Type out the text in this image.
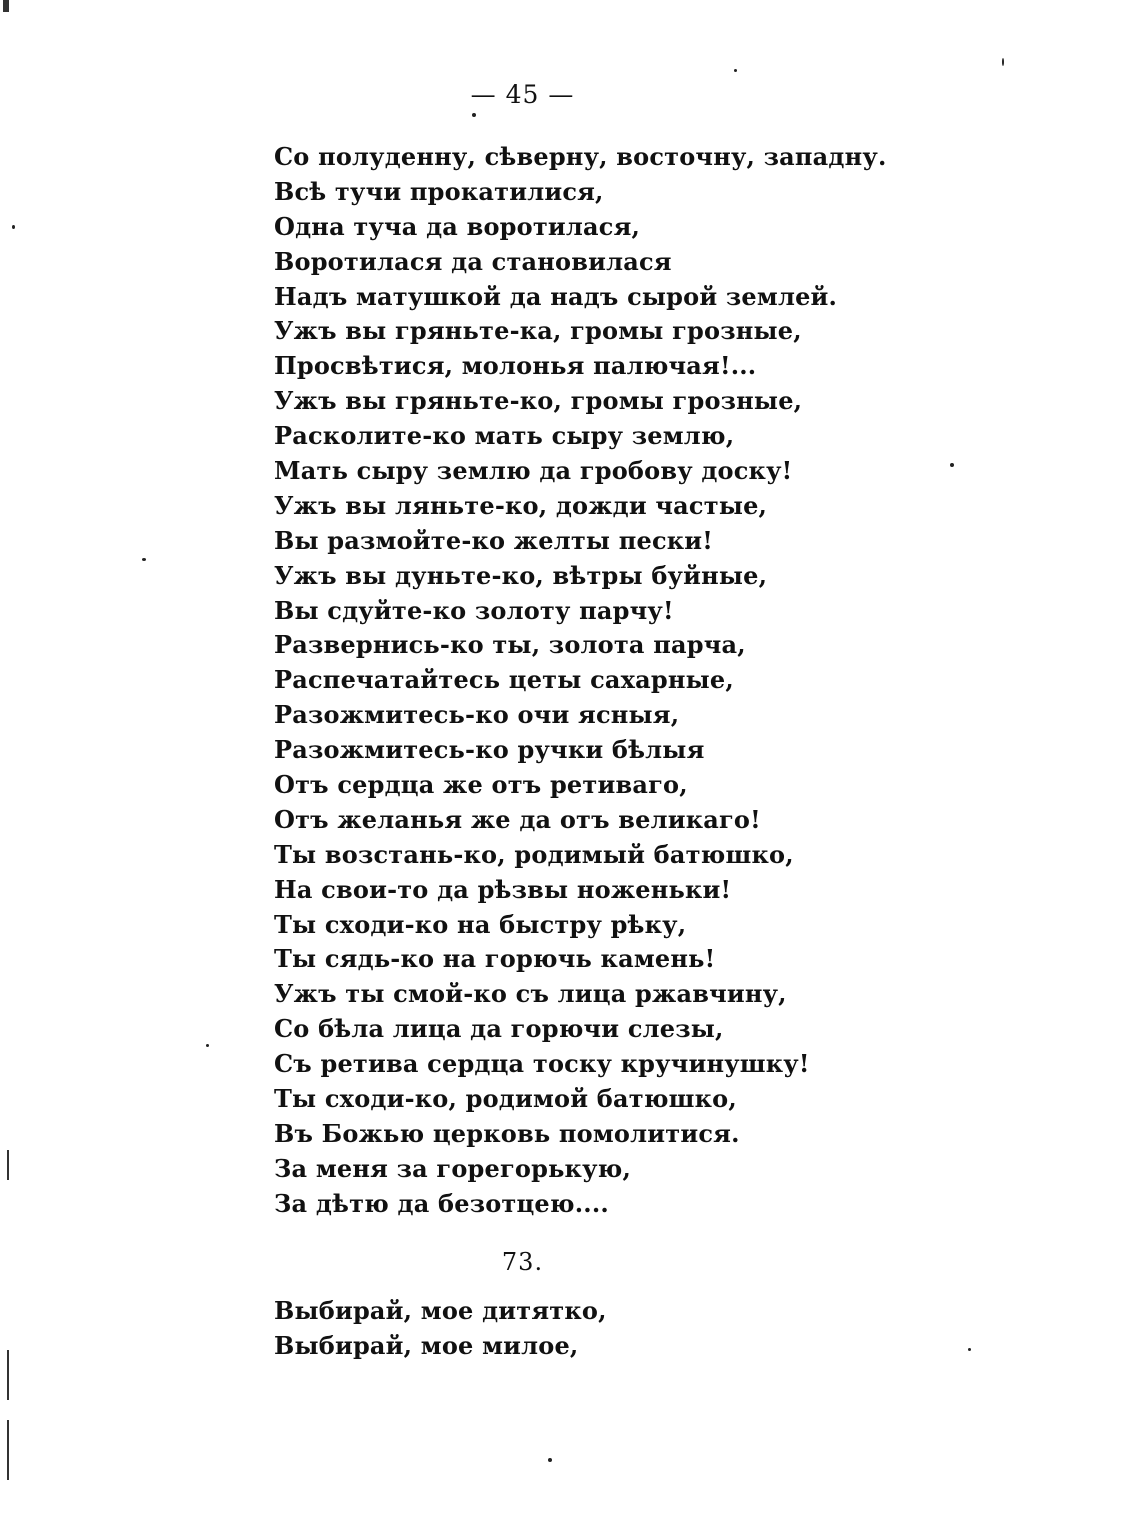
— 45 —
Со полуденну, сѣверну, восточну, западну.
Всѣ тучи прокатилися,
Одна туча да воротилася,
Воротилася да становилася
Надъ матушкой да надъ сырой землей.
Ужъ вы гряньте-ка, громы грозные,
Просвѣтися, молонья палючая!...
Ужъ вы гряньте-ко, громы грозные,
Расколите-ко мать сыру землю,
Мать сыру землю да гробову доску!
Ужъ вы ляньте-ко, дожди частые,
Вы размойте-ко желты пески!
Ужъ вы дуньте-ко, вѣтры буйные,
Вы сдуйте-ко золоту парчу!
Развернись-ко ты, золота парча,
Распечатайтесь цеты сахарные,
Разожмитесь-ко очи ясныя,
Разожмитесь-ко ручки бѣлыя
Отъ сердца же отъ ретиваго,
Отъ желанья же да отъ великаго!
Ты возстань-ко, родимый батюшко,
На свои-то да рѣзвы ноженьки!
Ты сходи-ко на быстру рѣку,
Ты сядь-ко на горючь камень!
Ужъ ты смой-ко съ лица ржавчину,
Со бѣла лица да горючи слезы,
Съ ретива сердца тоску кручинушку!
Ты сходи-ко, родимой батюшко,
Въ Божью церковь помолитися.
За меня за горегорькую,
За дѣтю да безотцею....
73.
Выбирай, мое дитятко,
Выбирай, мое милое,
